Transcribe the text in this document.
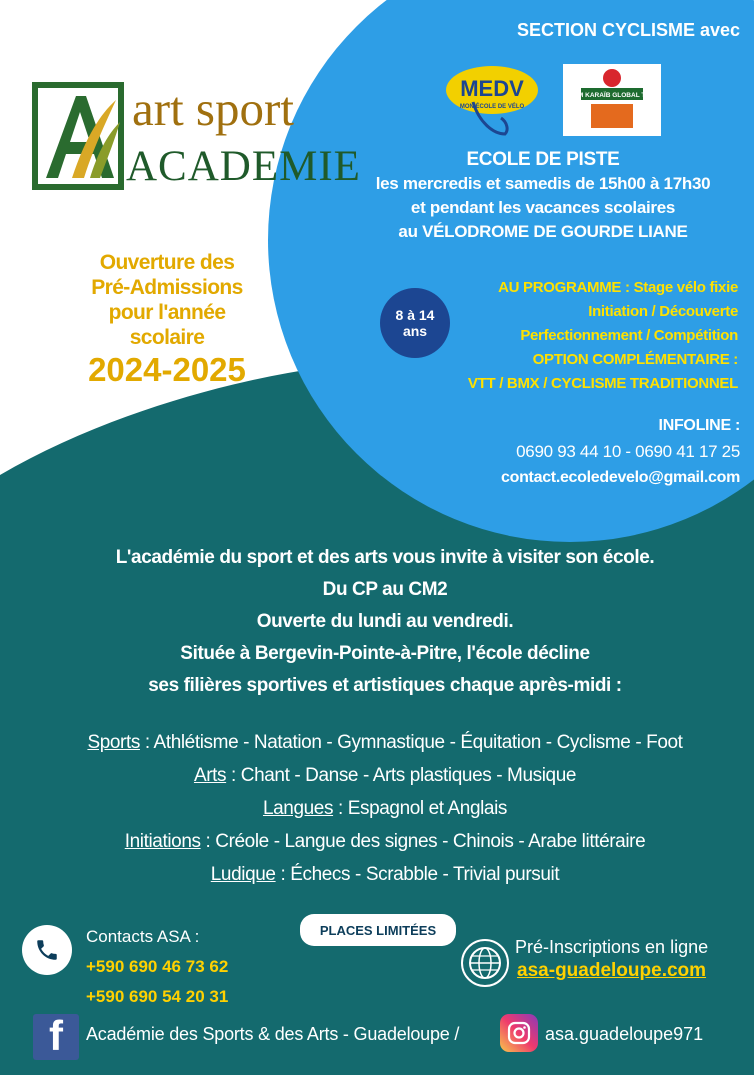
art sport
ACADEMIE
Ouverture des
Pré-Admissions
pour l'année
scolaire
2024-2025
SECTION CYCLISME avec
MEDV
MON ÉCOLE DE VÉLO
TEAM KARAÏB GLOBAL TECH
ECOLE DE PISTE
les mercredis et samedis de 15h00 à 17h30
et pendant les vacances scolaires
au VÉLODROME DE GOURDE LIANE
AU PROGRAMME : Stage vélo fixie
Initiation / Découverte
Perfectionnement / Compétition
OPTION COMPLÉMENTAIRE :
VTT / BMX / CYCLISME TRADITIONNEL
8 à 14
ans
INFOLINE :
0690 93 44 10 - 0690 41 17 25
contact.ecoledevelo@gmail.com
L'académie du sport et des arts vous invite à visiter son école.
Du CP au CM2
Ouverte du lundi au vendredi.
Située à Bergevin-Pointe-à-Pitre, l'école décline
ses filières sportives et artistiques chaque après-midi :
Sports : Athlétisme - Natation - Gymnastique - Équitation - Cyclisme - Foot
Arts : Chant - Danse - Arts plastiques - Musique
Langues : Espagnol et Anglais
Initiations : Créole - Langue des signes - Chinois - Arabe littéraire
Ludique : Échecs - Scrabble - Trivial pursuit
Contacts ASA :
+590 690 46 73 62
+590 690 54 20 31
PLACES LIMITÉES
Pré-Inscriptions en ligne
asa-guadeloupe.com
f Académie des Sports & des Arts - Guadeloupe /	asa.guadeloupe971
